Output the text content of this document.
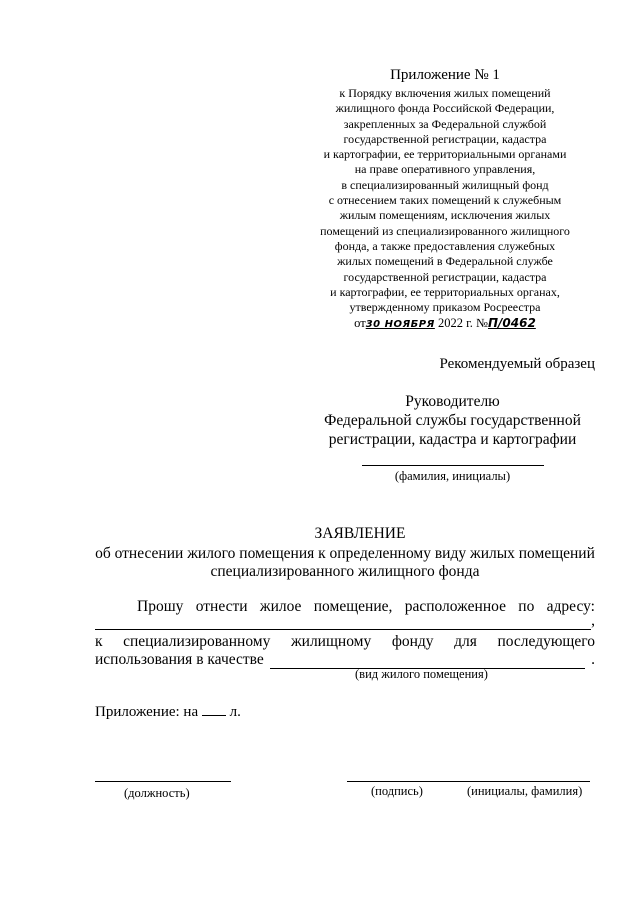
Приложение № 1
к Порядку включения жилых помещений
жилищного фонда Российской Федерации,
закрепленных за Федеральной службой
государственной регистрации, кадастра
и картографии, ее территориальными органами
на праве оперативного управления,
в специализированный жилищный фонд
с отнесением таких помещений к служебным
жилым помещениям, исключения жилых
помещений из специализированного жилищного
фонда, а также предоставления служебных
жилых помещений в Федеральной службе
государственной регистрации, кадастра
и картографии, ее территориальных органах,
утвержденному приказом Росреестра
от30 НОЯБРЯ 2022 г. №П/0462
Рекомендуемый образец
Руководителю
Федеральной службы государственной
регистрации, кадастра и картографии
(фамилия, инициалы)
ЗАЯВЛЕНИЕ
об отнесении жилого помещения к определенному виду жилых помещений специализированного жилищного фонда
Прошу отнести жилое помещение, расположенное по адресу:
,
к специализированному жилищному фонду для последующего
использования в качестве	.
(вид жилого помещения)
Приложение: на л.
(должность)	(подпись)	(инициалы, фамилия)
